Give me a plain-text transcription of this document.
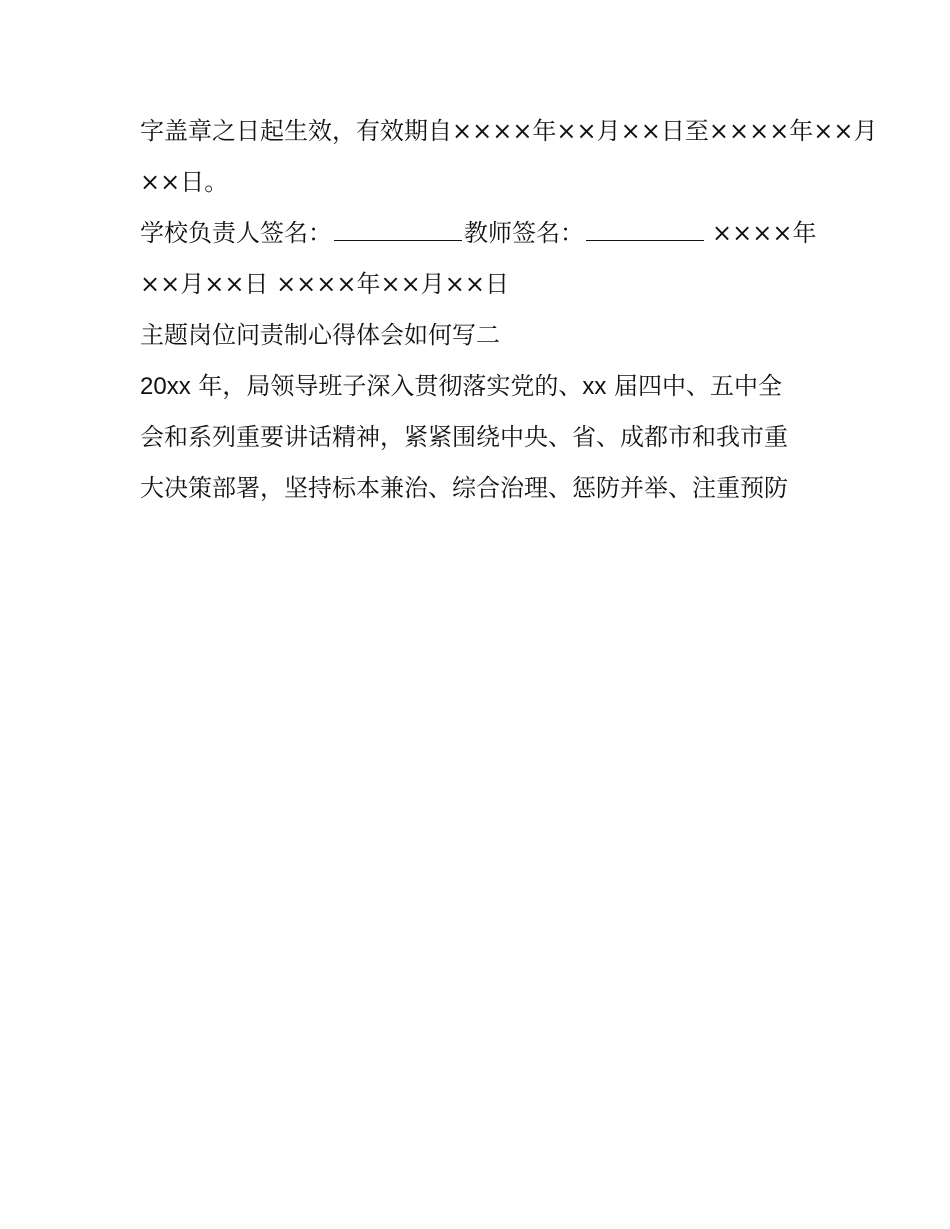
字盖章之日起生效，有效期自××××年××月××日至××××年××月
××日。
学校负责人签名：	教师签名：	××××年
××月××日 ××××年××月××日
主题岗位问责制心得体会如何写二
20xx 年，局领导班子深入贯彻落实党的、xx 届四中、五中全
会和系列重要讲话精神，紧紧围绕中央、省、成都市和我市重
大决策部署，坚持标本兼治、综合治理、惩防并举、注重预防
